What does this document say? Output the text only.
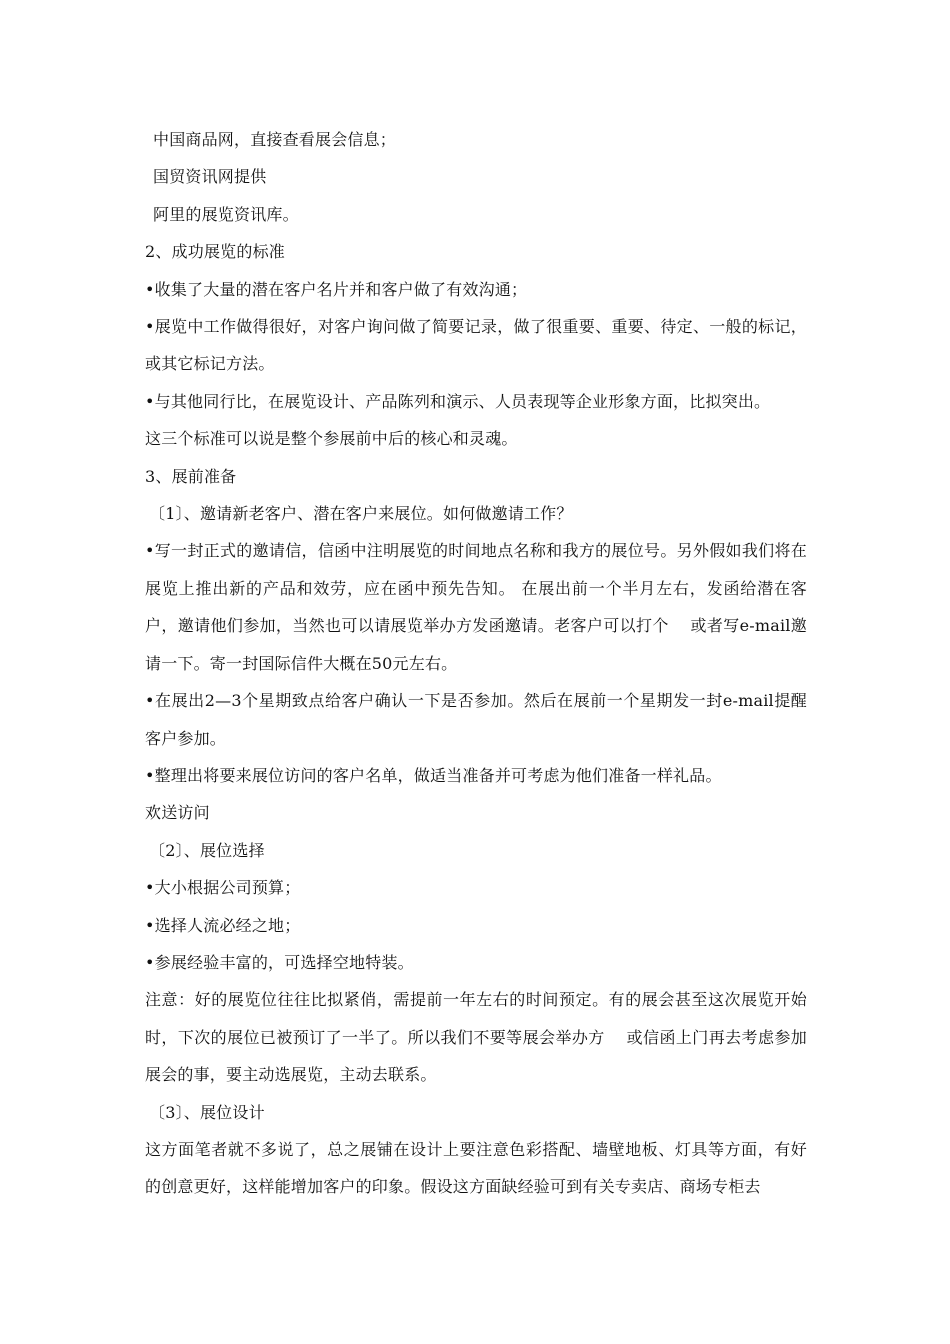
中国商品网，直接查看展会信息；

国贸资讯网提供

阿里的展览资讯库。

2、成功展览的标准

•收集了大量的潜在客户名片并和客户做了有效沟通；

•展览中工作做得很好，对客户询问做了简要记录，做了很重要、重要、待定、一般的标记，或其它标记方法。

•与其他同行比，在展览设计、产品陈列和演示、人员表现等企业形象方面，比拟突出。

这三个标准可以说是整个参展前中后的核心和灵魂。

3、展前准备

〔1〕、邀请新老客户、潜在客户来展位。如何做邀请工作？

•写一封正式的邀请信，信函中注明展览的时间地点名称和我方的展位号。另外假如我们将在展览上推出新的产品和效劳，应在函中预先告知。 在展出前一个半月左右，发函给潜在客户，邀请他们参加，当然也可以请展览举办方发函邀请。老客户可以打个　 或者写e-mail邀请一下。寄一封国际信件大概在50元左右。

•在展出2—3个星期致点给客户确认一下是否参加。然后在展前一个星期发一封e-mail提醒客户参加。

•整理出将要来展位访问的客户名单，做适当准备并可考虑为他们准备一样礼品。

欢送访问

〔2〕、展位选择

•大小根据公司预算；

•选择人流必经之地；

•参展经验丰富的，可选择空地特装。

注意：好的展览位往往比拟紧俏，需提前一年左右的时间预定。有的展会甚至这次展览开始时，下次的展位已被预订了一半了。所以我们不要等展会举办方　 或信函上门再去考虑参加展会的事，要主动选展览，主动去联系。

〔3〕、展位设计

这方面笔者就不多说了，总之展铺在设计上要注意色彩搭配、墙壁地板、灯具等方面，有好的创意更好，这样能增加客户的印象。假设这方面缺经验可到有关专卖店、商场专柜去
